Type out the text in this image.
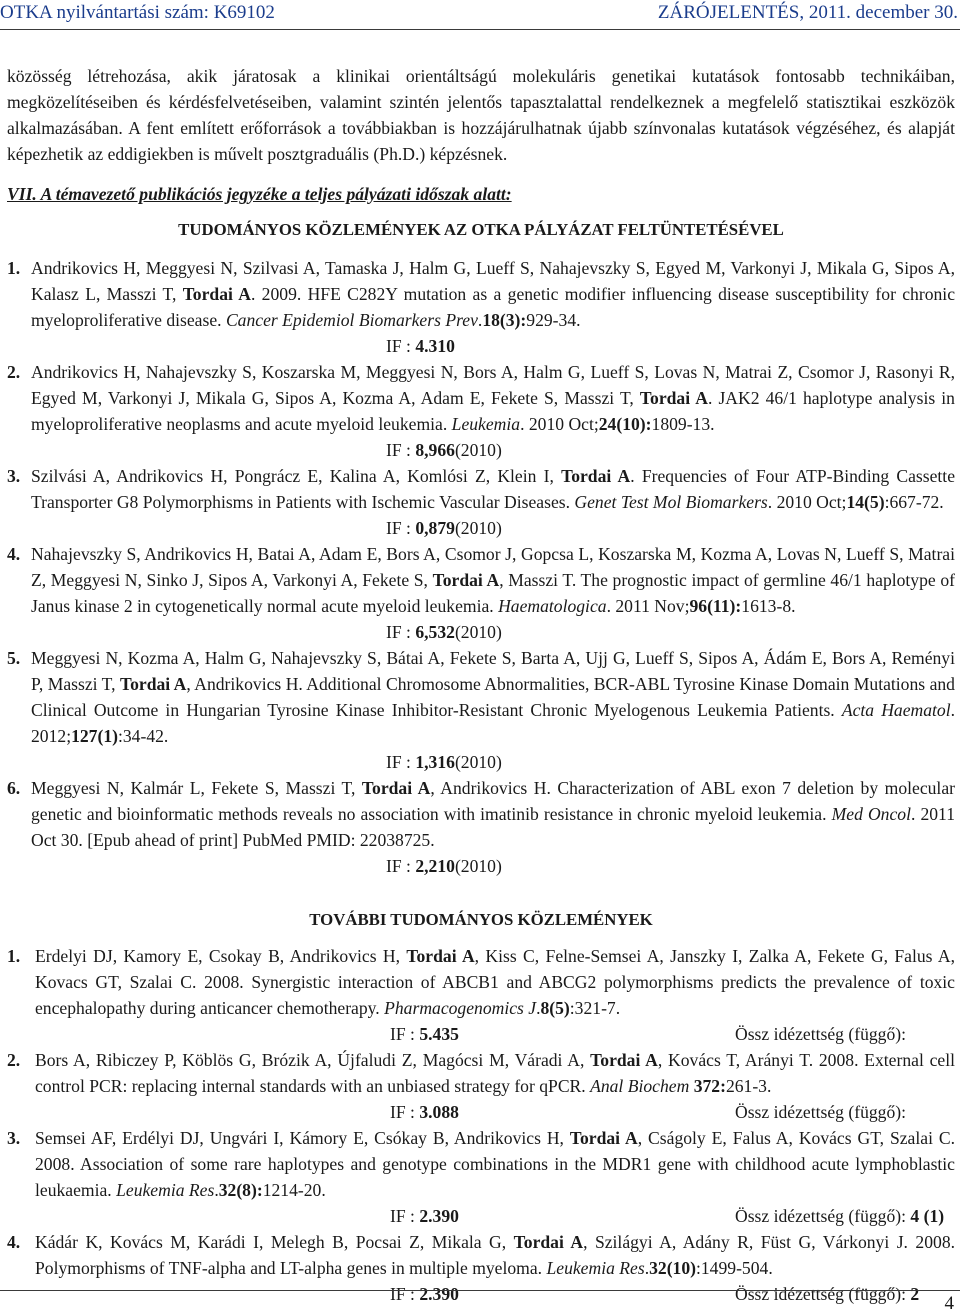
OTKA nyilvántartási szám: K69102	ZÁRÓJELENTÉS, 2011. december 30.

közösség létrehozása, akik járatosak a klinikai orientáltságú molekuláris genetikai kutatások fontosabb technikáiban, megközelítéseiben és kérdésfelvetéseiben, valamint szintén jelentős tapasztalattal rendelkeznek a megfelelő statisztikai eszközök alkalmazásában. A fent említett erőforrások a továbbiakban is hozzájárulhatnak újabb színvonalas kutatások végzéséhez, és alapját képezhetik az eddigiekben is művelt posztgraduális (Ph.D.) képzésnek.

VII. A témavezető publikációs jegyzéke a teljes pályázati időszak alatt:

TUDOMÁNYOS KÖZLEMÉNYEK AZ OTKA PÁLYÁZAT FELTÜNTETÉSÉVEL

1. Andrikovics H, Meggyesi N, Szilvasi A, Tamaska J, Halm G, Lueff S, Nahajevszky S, Egyed M, Varkonyi J, Mikala G, Sipos A, Kalasz L, Masszi T, Tordai A. 2009. HFE C282Y mutation as a genetic modifier influencing disease susceptibility for chronic myeloproliferative disease. Cancer Epidemiol Biomarkers Prev.18(3):929-34.
IF : 4.310
2. Andrikovics H, Nahajevszky S, Koszarska M, Meggyesi N, Bors A, Halm G, Lueff S, Lovas N, Matrai Z, Csomor J, Rasonyi R, Egyed M, Varkonyi J, Mikala G, Sipos A, Kozma A, Adam E, Fekete S, Masszi T, Tordai A. JAK2 46/1 haplotype analysis in myeloproliferative neoplasms and acute myeloid leukemia. Leukemia. 2010 Oct;24(10):1809-13.
IF : 8,966(2010)
3. Szilvási A, Andrikovics H, Pongrácz E, Kalina A, Komlósi Z, Klein I, Tordai A. Frequencies of Four ATP-Binding Cassette Transporter G8 Polymorphisms in Patients with Ischemic Vascular Diseases. Genet Test Mol Biomarkers. 2010 Oct;14(5):667-72.
IF : 0,879(2010)
4. Nahajevszky S, Andrikovics H, Batai A, Adam E, Bors A, Csomor J, Gopcsa L, Koszarska M, Kozma A, Lovas N, Lueff S, Matrai Z, Meggyesi N, Sinko J, Sipos A, Varkonyi A, Fekete S, Tordai A, Masszi T. The prognostic impact of germline 46/1 haplotype of Janus kinase 2 in cytogenetically normal acute myeloid leukemia. Haematologica. 2011 Nov;96(11):1613-8.
IF : 6,532(2010)
5. Meggyesi N, Kozma A, Halm G, Nahajevszky S, Bátai A, Fekete S, Barta A, Ujj G, Lueff S, Sipos A, Ádám E, Bors A, Reményi P, Masszi T, Tordai A, Andrikovics H. Additional Chromosome Abnormalities, BCR-ABL Tyrosine Kinase Domain Mutations and Clinical Outcome in Hungarian Tyrosine Kinase Inhibitor-Resistant Chronic Myelogenous Leukemia Patients. Acta Haematol. 2012;127(1):34-42.
IF : 1,316(2010)
6. Meggyesi N, Kalmár L, Fekete S, Masszi T, Tordai A, Andrikovics H. Characterization of ABL exon 7 deletion by molecular genetic and bioinformatic methods reveals no association with imatinib resistance in chronic myeloid leukemia. Med Oncol. 2011 Oct 30. [Epub ahead of print] PubMed PMID: 22038725.
IF : 2,210(2010)

TOVÁBBI TUDOMÁNYOS KÖZLEMÉNYEK

1. Erdelyi DJ, Kamory E, Csokay B, Andrikovics H, Tordai A, Kiss C, Felne-Semsei A, Janszky I, Zalka A, Fekete G, Falus A, Kovacs GT, Szalai C. 2008. Synergistic interaction of ABCB1 and ABCG2 polymorphisms predicts the prevalence of toxic encephalopathy during anticancer chemotherapy. Pharmacogenomics J.8(5):321-7.
IF : 5.435	Össz idézettség (függő):
2. Bors A, Ribiczey P, Köblös G, Brózik A, Újfaludi Z, Magócsi M, Váradi A, Tordai A, Kovács T, Arányi T. 2008. External cell control PCR: replacing internal standards with an unbiased strategy for qPCR. Anal Biochem 372:261-3.
IF : 3.088	Össz idézettség (függő):
3. Semsei AF, Erdélyi DJ, Ungvári I, Kámory E, Csókay B, Andrikovics H, Tordai A, Cságoly E, Falus A, Kovács GT, Szalai C. 2008. Association of some rare haplotypes and genotype combinations in the MDR1 gene with childhood acute lymphoblastic leukaemia. Leukemia Res.32(8):1214-20.
IF : 2.390	Össz idézettség (függő): 4 (1)
4. Kádár K, Kovács M, Karádi I, Melegh B, Pocsai Z, Mikala G, Tordai A, Szilágyi A, Adány R, Füst G, Várkonyi J. 2008. Polymorphisms of TNF-alpha and LT-alpha genes in multiple myeloma. Leukemia Res.32(10):1499-504.
IF : 2.390	Össz idézettség (függő): 2 4
